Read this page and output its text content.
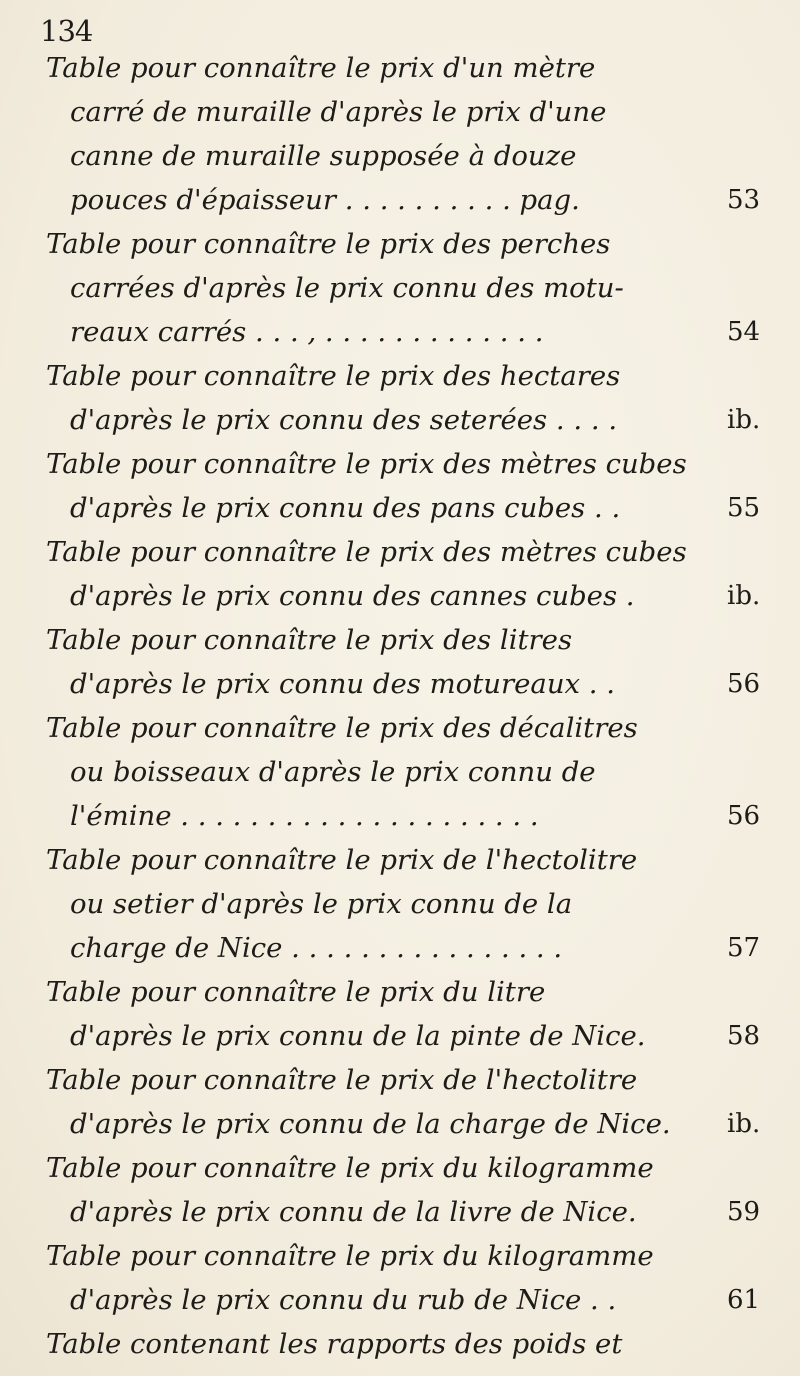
134
Table pour connaître le prix d'un mètre
carré de muraille d'après le prix d'une
canne de muraille supposée à douze
pouces d'épaisseur . . . . . . . . . . pag.	53
Table pour connaître le prix des perches
carrées d'après le prix connu des motu-
reaux carrés . . . , . . . . . . . . . . . . .	54
Table pour connaître le prix des hectares
d'après le prix connu des seterées . . . .	ib.
Table pour connaître le prix des mètres cubes
d'après le prix connu des pans cubes . .	55
Table pour connaître le prix des mètres cubes
d'après le prix connu des cannes cubes .	ib.
Table pour connaître le prix des litres
d'après le prix connu des motureaux . .	56
Table pour connaître le prix des décalitres
ou boisseaux d'après le prix connu de
l'émine . . . . . . . . . . . . . . . . . . . . .	56
Table pour connaître le prix de l'hectolitre
ou setier d'après le prix connu de la
charge de Nice . . . . . . . . . . . . . . . .	57
Table pour connaître le prix du litre
d'après le prix connu de la pinte de Nice.	58
Table pour connaître le prix de l'hectolitre
d'après le prix connu de la charge de Nice. ib.
Table pour connaître le prix du kilogramme
d'après le prix connu de la livre de Nice.	59
Table pour connaître le prix du kilogramme
d'après le prix connu du rub de Nice . .	61
Table contenant les rapports des poids et
